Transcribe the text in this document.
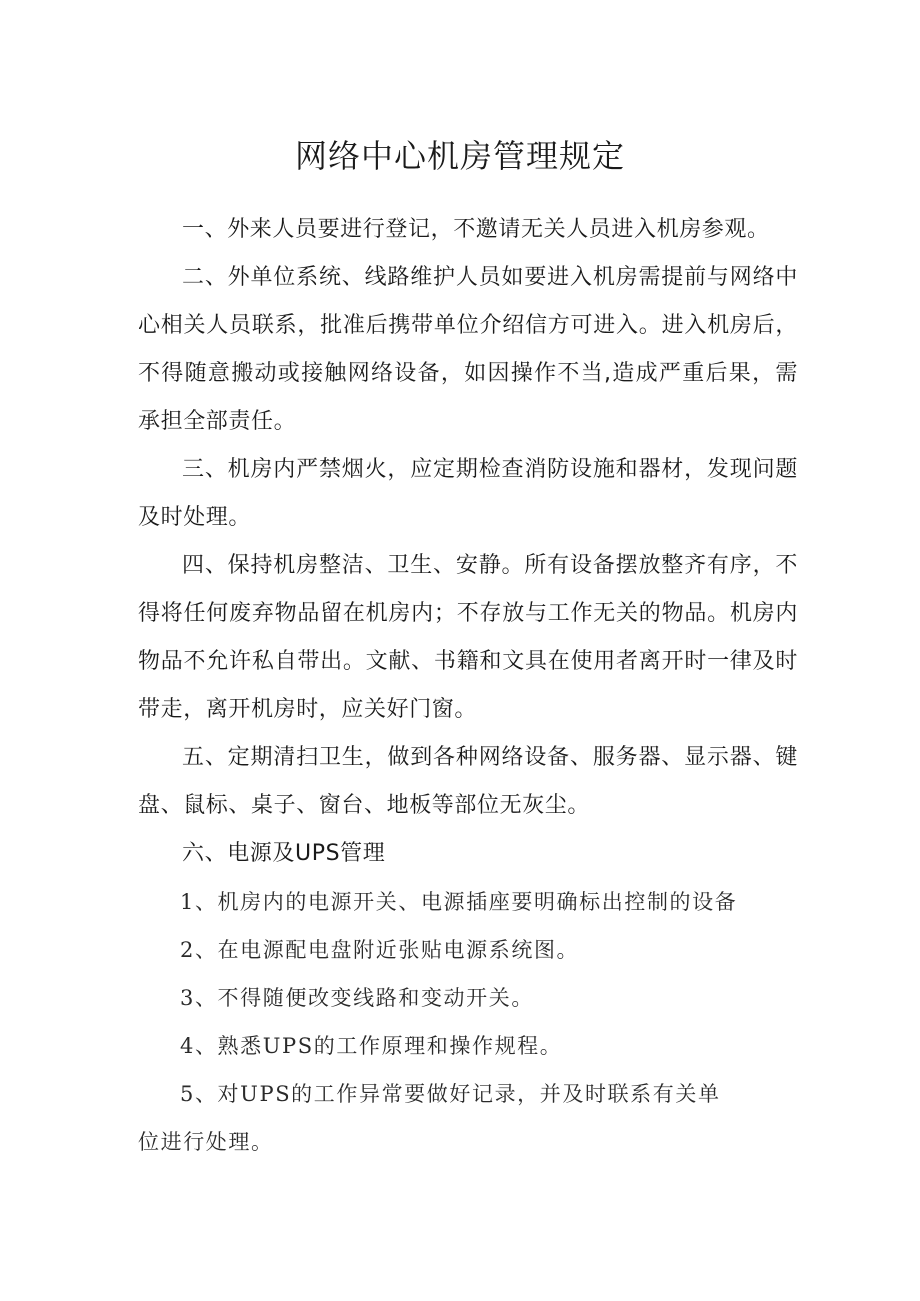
网络中心机房管理规定

一、外来人员要进行登记，不邀请无关人员进入机房参观。

二、外单位系统、线路维护人员如要进入机房需提前与网络中心相关人员联系，批准后携带单位介绍信方可进入。进入机房后，不得随意搬动或接触网络设备，如因操作不当,造成严重后果，需承担全部责任。

三、机房内严禁烟火，应定期检查消防设施和器材，发现问题及时处理。

四、保持机房整洁、卫生、安静。所有设备摆放整齐有序，不得将任何废弃物品留在机房内；不存放与工作无关的物品。机房内物品不允许私自带出。文献、书籍和文具在使用者离开时一律及时带走，离开机房时，应关好门窗。

五、定期清扫卫生，做到各种网络设备、服务器、显示器、键盘、鼠标、桌子、窗台、地板等部位无灰尘。

六、电源及UPS管理

1、机房内的电源开关、电源插座要明确标出控制的设备

2、在电源配电盘附近张贴电源系统图。

3、不得随便改变线路和变动开关。

4、熟悉UPS的工作原理和操作规程。

5、对UPS的工作异常要做好记录，并及时联系有关单位进行处理。
